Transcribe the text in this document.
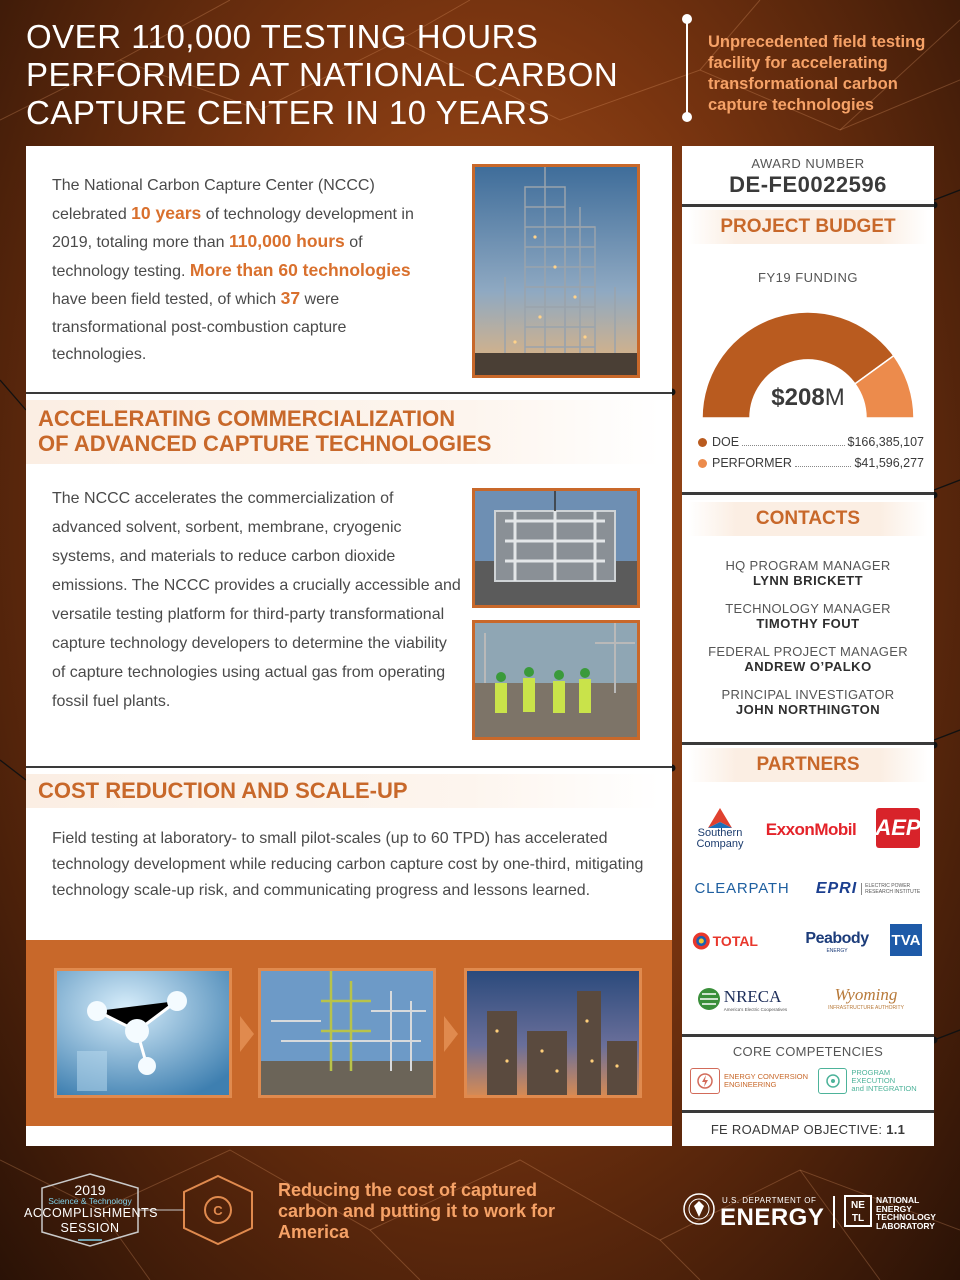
OVER 110,000 TESTING HOURS
PERFORMED AT NATIONAL CARBON
CAPTURE CENTER IN 10 YEARS
Unprecedented field testing facility for accelerating transformational carbon capture technologies

The National Carbon Capture Center (NCCC) celebrated 10 years of technology development in 2019, totaling more than 110,000 hours of technology testing. More than 60 technologies have been field tested, of which 37 were transformational post-combustion capture technologies.

ACCELERATING COMMERCIALIZATION
OF ADVANCED CAPTURE TECHNOLOGIES

The NCCC accelerates the commercialization of advanced solvent, sorbent, membrane, cryogenic systems, and materials to reduce carbon dioxide emissions. The NCCC provides a crucially accessible and versatile testing platform for third-party transformational capture technology developers to determine the viability of capture technologies using actual gas from operating fossil fuel plants.

COST REDUCTION AND SCALE-UP

Field testing at laboratory- to small pilot-scales (up to 60 TPD) has accelerated technology development while reducing carbon capture cost by one-third, mitigating technology scale-up risk, and communicating progress and lessons learned.

AWARD NUMBER
DE-FE0022596
PROJECT BUDGET
FY19 FUNDING
$208M
DOE	$166,385,107
PERFORMER	$41,596,277
CONTACTS
HQ PROGRAM MANAGER
LYNN BRICKETT
TECHNOLOGY MANAGER
TIMOTHY FOUT
FEDERAL PROJECT MANAGER
ANDREW O’PALKO
PRINCIPAL INVESTIGATOR
JOHN NORTHINGTON
PARTNERS
Southern
Company
ExxonMobil AEP
CLEARPATH EPRI ELECTRIC POWER
RESEARCH INSTITUTE
TOTAL	Peabody
ENERGY
TVA
NRECA
America's Electric Cooperatives
Wyoming
INFRASTRUCTURE AUTHORITY
CORE COMPETENCIES
ENERGY CONVERSION
ENGINEERING
PROGRAM EXECUTION
and INTEGRATION
FE ROADMAP OBJECTIVE: 1.1
C
2019
Science & Technology
ACCOMPLISHMENTS
SESSION
Reducing the cost of captured carbon and putting it to work for America
U.S. DEPARTMENT OF
ENERGY	NE
TL
NATIONAL
ENERGY
TECHNOLOGY
LABORATORY
